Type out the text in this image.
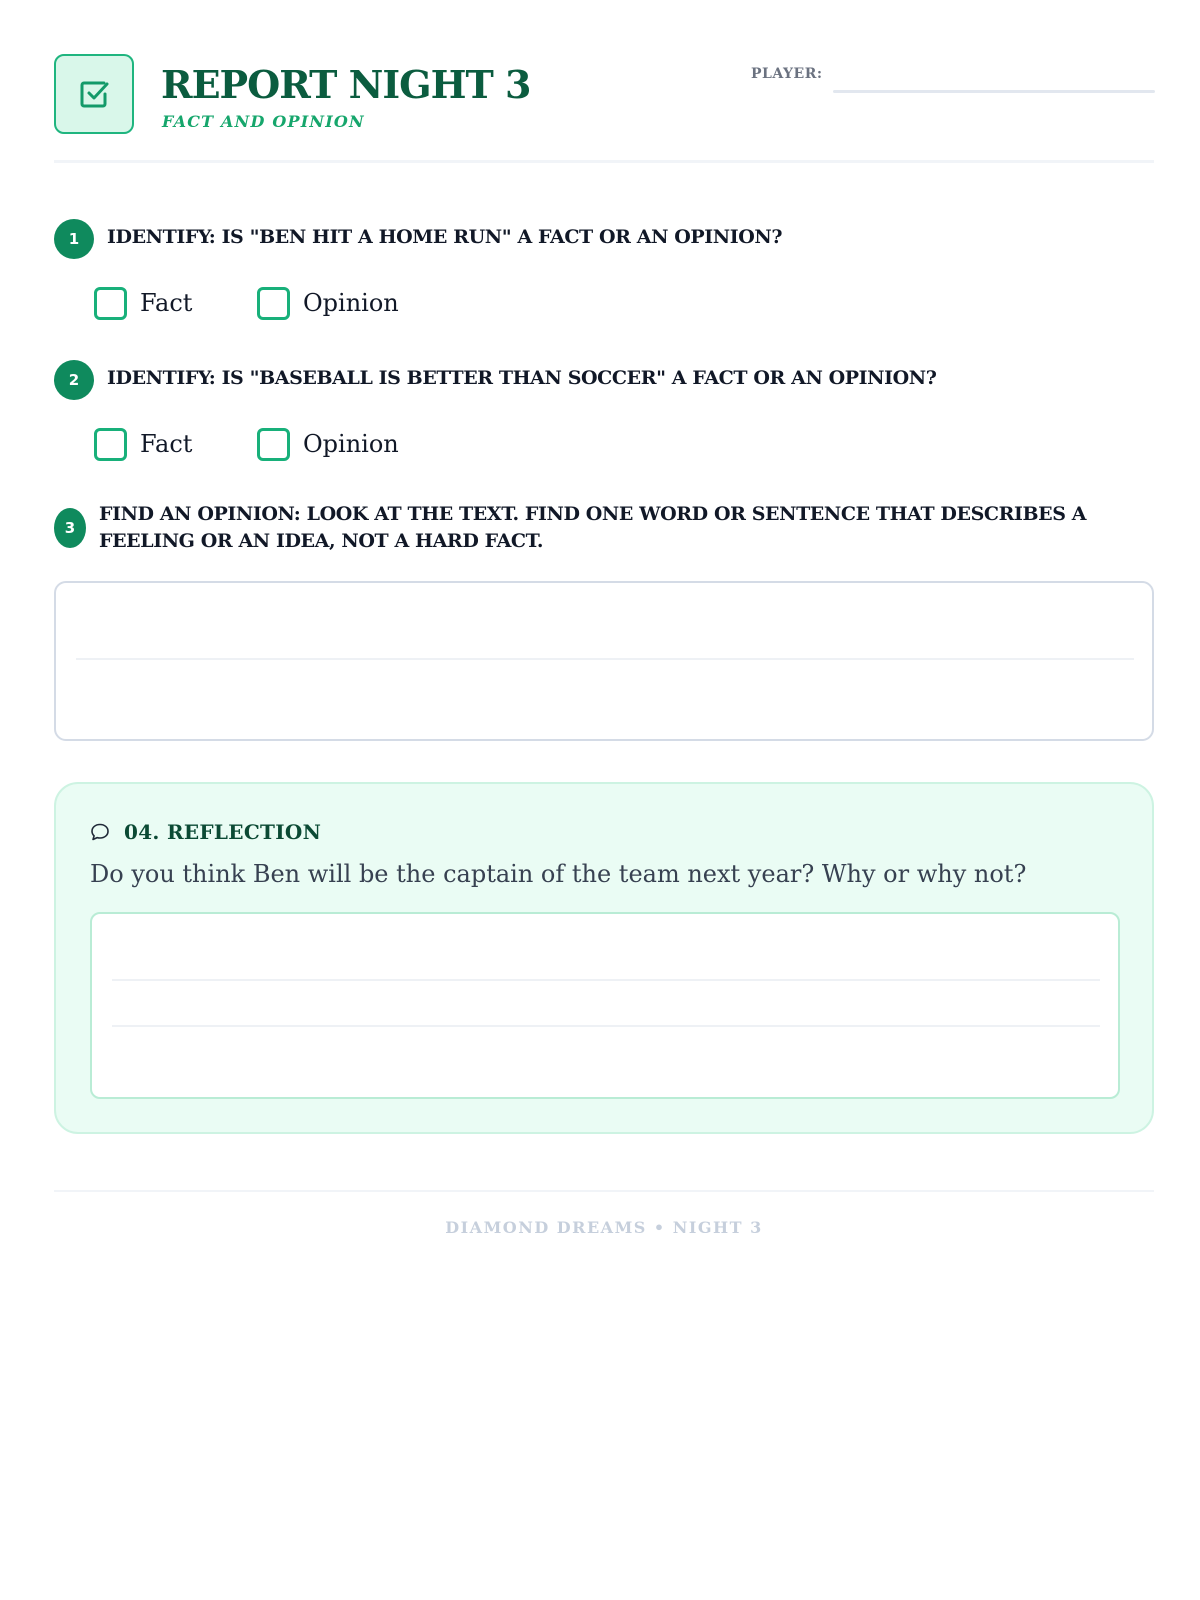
REPORT NIGHT 3
FACT AND OPINION
PLAYER:
1	IDENTIFY: IS "BEN HIT A HOME RUN" A FACT OR AN OPINION?
Fact	Opinion
2	IDENTIFY: IS "BASEBALL IS BETTER THAN SOCCER" A FACT OR AN OPINION?
Fact	Opinion
3
FIND AN OPINION: LOOK AT THE TEXT. FIND ONE WORD OR SENTENCE THAT DESCRIBES A FEELING OR AN IDEA, NOT A HARD FACT.
04. REFLECTION
Do you think Ben will be the captain of the team next year? Why or why not?
DIAMOND DREAMS • NIGHT 3
